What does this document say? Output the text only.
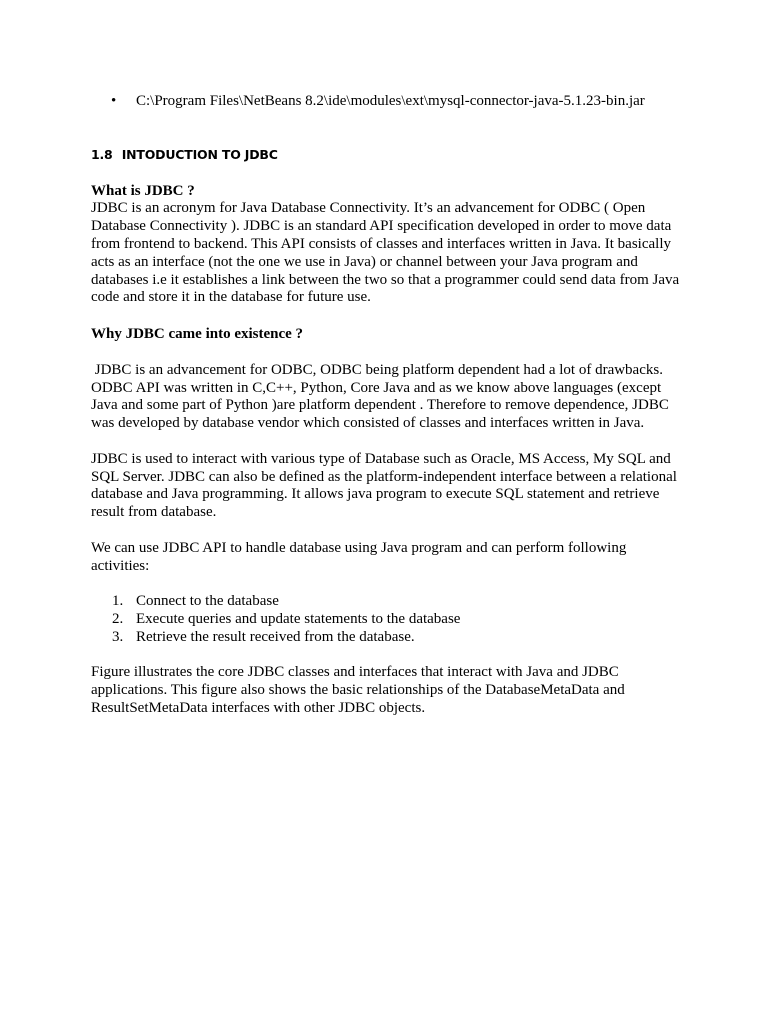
• C:\Program Files\NetBeans 8.2\ide\modules\ext\mysql-connector-java-5.1.23-bin.jar
1.8 INTODUCTION TO JDBC
What is JDBC ?

JDBC is an acronym for Java Database Connectivity. It’s an advancement for ODBC ( Open Database Connectivity ). JDBC is an standard API specification developed in order to move data from frontend to backend. This API consists of classes and interfaces written in Java. It basically acts as an interface (not the one we use in Java) or channel between your Java program and databases i.e it establishes a link between the two so that a programmer could send data from Java code and store it in the database for future use.

Why JDBC came into existence ?

JDBC is an advancement for ODBC, ODBC being platform dependent had a lot of drawbacks. ODBC API was written in C,C++, Python, Core Java and as we know above languages (except Java and some part of Python )are platform dependent . Therefore to remove dependence, JDBC was developed by database vendor which consisted of classes and interfaces written in Java.

JDBC is used to interact with various type of Database such as Oracle, MS Access, My SQL and SQL Server. JDBC can also be defined as the platform-independent interface between a relational database and Java programming. It allows java program to execute SQL statement and retrieve result from database.

We can use JDBC API to handle database using Java program and can perform following activities:

1. Connect to the database
2. Execute queries and update statements to the database
3. Retrieve the result received from the database.

Figure illustrates the core JDBC classes and interfaces that interact with Java and JDBC applications. This figure also shows the basic relationships of the DatabaseMetaData and ResultSetMetaData interfaces with other JDBC objects.
